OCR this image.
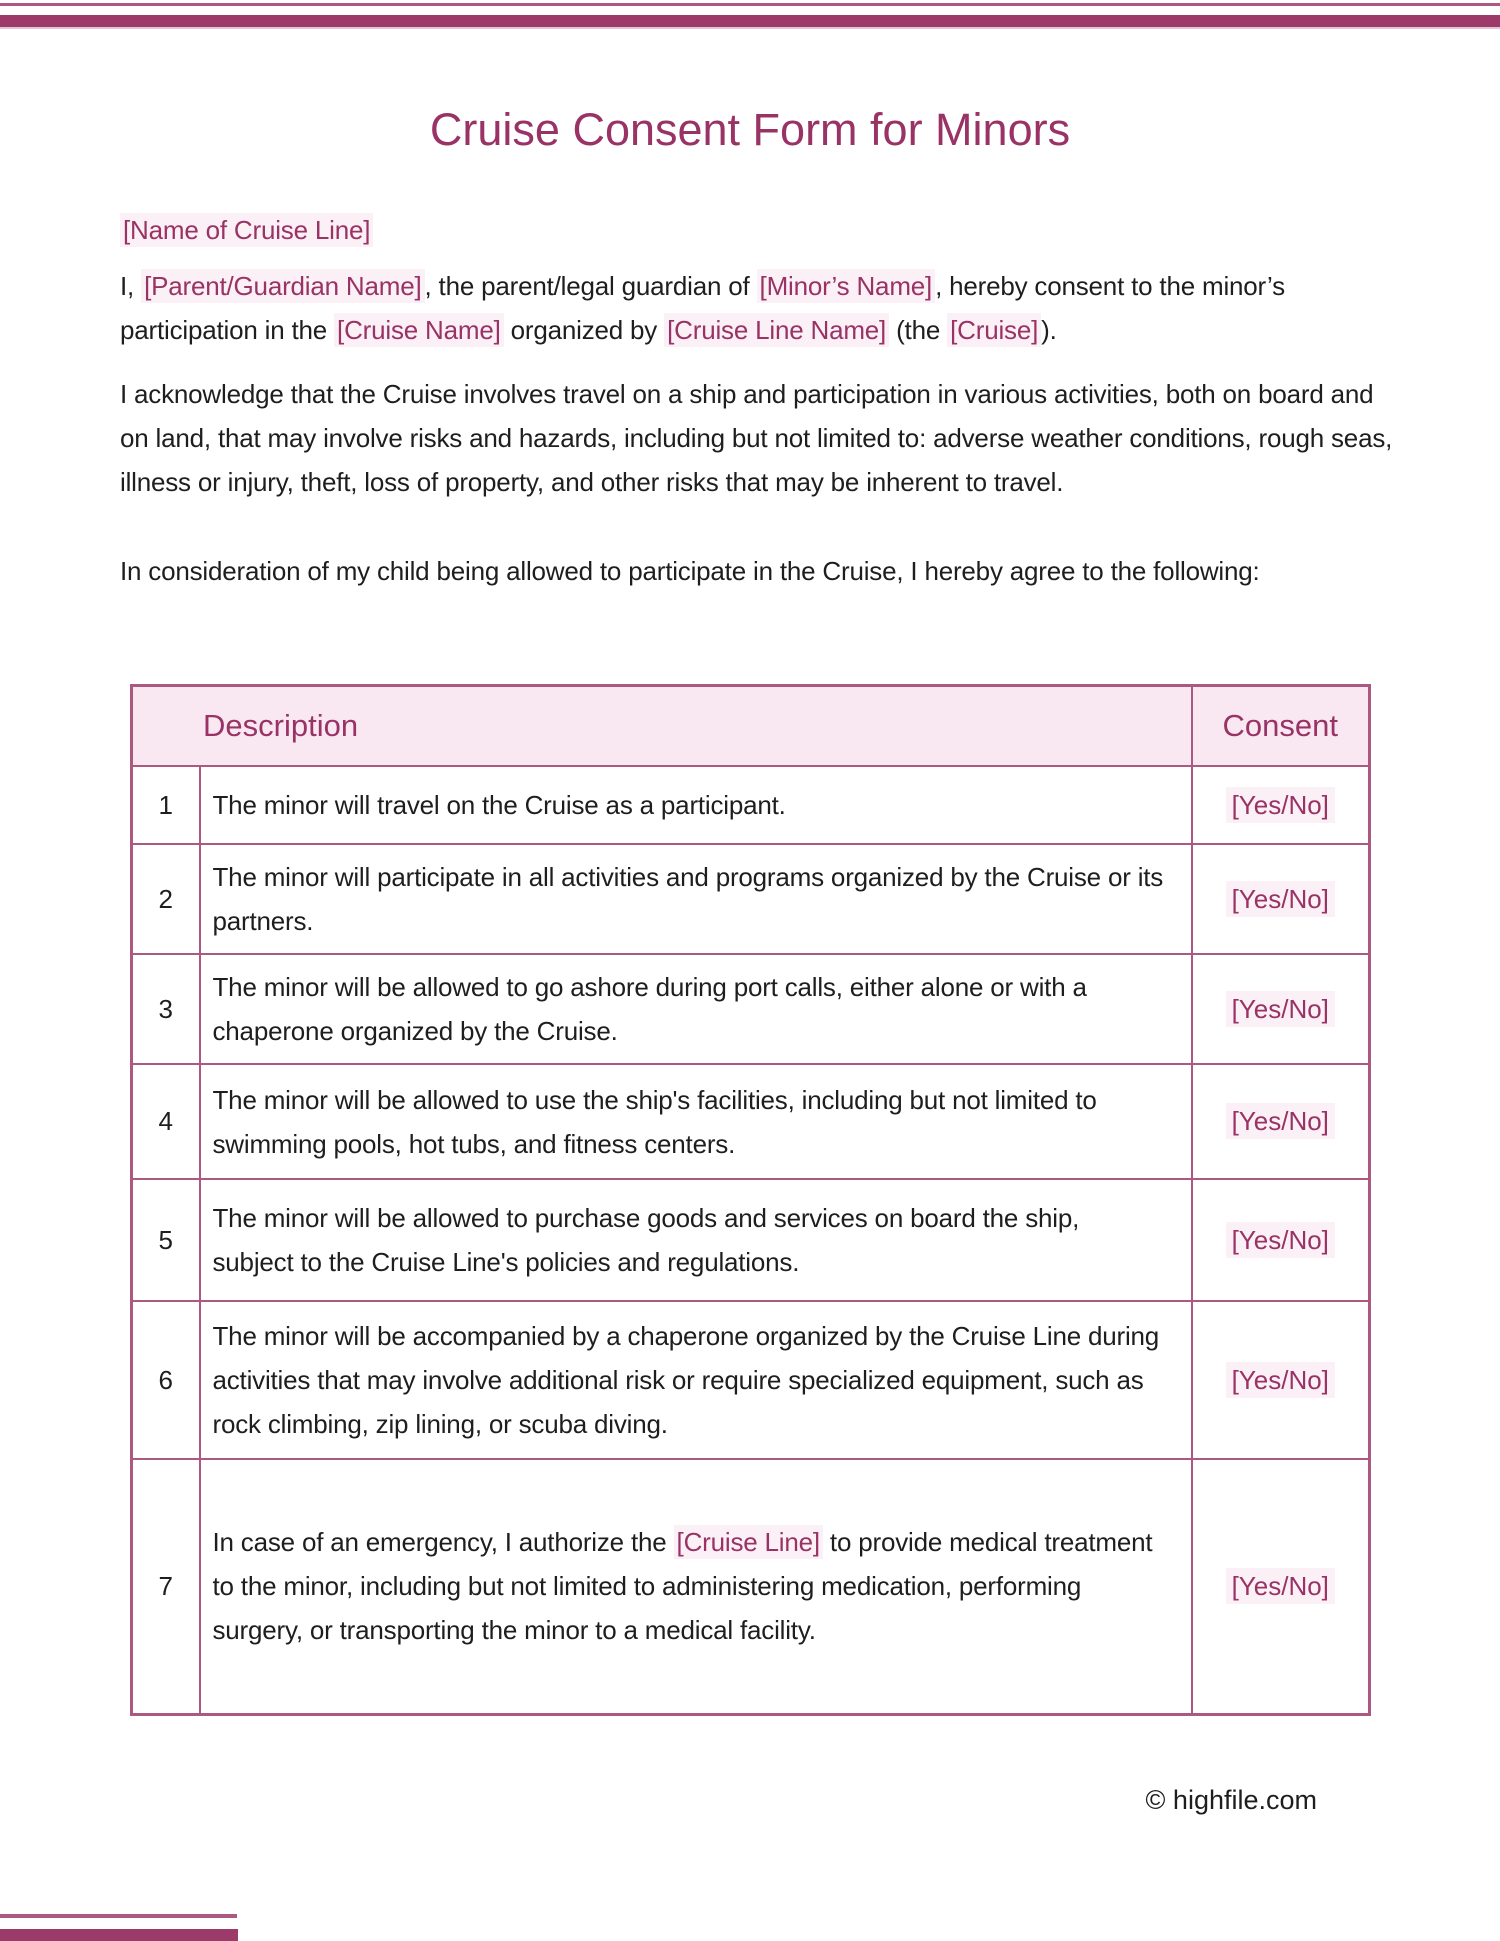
Cruise Consent Form for Minors

[Name of Cruise Line]

I, [Parent/Guardian Name] , the parent/legal guardian of [Minor’s Name] , hereby consent to the minor’s participation in the [Cruise Name] organized by [Cruise Line Name] (the [Cruise] ).

I acknowledge that the Cruise involves travel on a ship and participation in various activities, both on board and on land, that may involve risks and hazards, including but not limited to: adverse weather conditions, rough seas, illness or injury, theft, loss of property, and other risks that may be inherent to travel.

In consideration of my child being allowed to participate in the Cruise, I hereby agree to the following:

Description		Consent
1	The minor will travel on the Cruise as a participant.	[Yes/No]
2	The minor will participate in all activities and programs organized by the Cruise or its partners.	[Yes/No]
3	The minor will be allowed to go ashore during port calls, either alone or with a chaperone organized by the Cruise.	[Yes/No]
4	The minor will be allowed to use the ship's facilities, including but not limited to swimming pools, hot tubs, and fitness centers.	[Yes/No]
5	The minor will be allowed to purchase goods and services on board the ship, subject to the Cruise Line's policies and regulations.	[Yes/No]
6	The minor will be accompanied by a chaperone organized by the Cruise Line during activities that may involve additional risk or require specialized equipment, such as rock climbing, zip lining, or scuba diving.	[Yes/No]
7	In case of an emergency, I authorize the [Cruise Line] to provide medical treatment to the minor, including but not limited to administering medication, performing surgery, or transporting the minor to a medical facility.	[Yes/No]
© highfile.com
